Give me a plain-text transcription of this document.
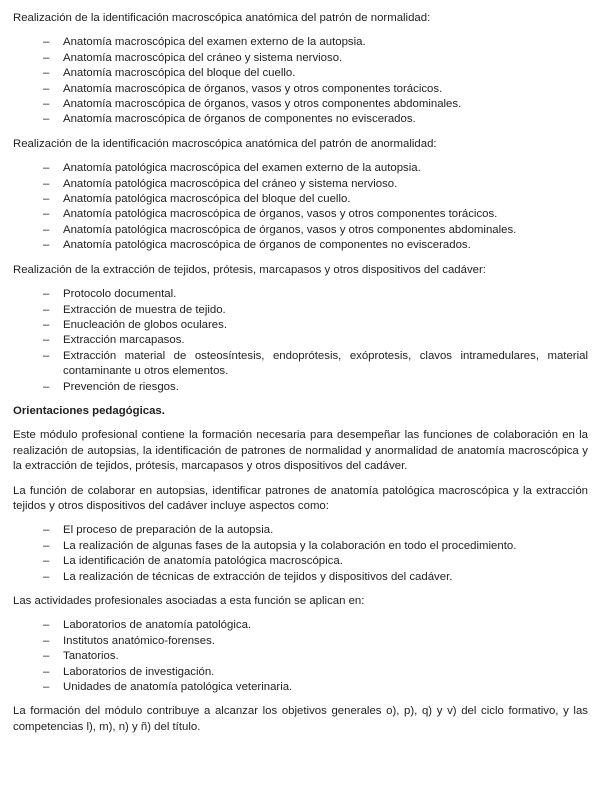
Realización de la identificación macroscópica anatómica del patrón de normalidad:

– Anatomía macroscópica del examen externo de la autopsia.
– Anatomía macroscópica del cráneo y sistema nervioso.
– Anatomía macroscópica del bloque del cuello.
– Anatomía macroscópica de órganos, vasos y otros componentes torácicos.
– Anatomía macroscópica de órganos, vasos y otros componentes abdominales.
– Anatomía macroscópica de órganos de componentes no eviscerados.

Realización de la identificación macroscópica anatómica del patrón de anormalidad:

– Anatomía patológica macroscópica del examen externo de la autopsia.
– Anatomía patológica macroscópica del cráneo y sistema nervioso.
– Anatomía patológica macroscópica del bloque del cuello.
– Anatomía patológica macroscópica de órganos, vasos y otros componentes torácicos.
– Anatomía patológica macroscópica de órganos, vasos y otros componentes abdominales.
– Anatomía patológica macroscópica de órganos de componentes no eviscerados.

Realización de la extracción de tejidos, prótesis, marcapasos y otros dispositivos del cadáver:

– Protocolo documental.
– Extracción de muestra de tejido.
– Enucleación de globos oculares.
– Extracción marcapasos.
– Extracción material de osteosíntesis, endoprótesis, exóprotesis, clavos intramedulares, material contaminante u otros elementos.
– Prevención de riesgos.

Orientaciones pedagógicas.

Este módulo profesional contiene la formación necesaria para desempeñar las funciones de colaboración en la realización de autopsias, la identificación de patrones de normalidad y anormalidad de anatomía macroscópica y la extracción de tejidos, prótesis, marcapasos y otros dispositivos del cadáver.

La función de colaborar en autopsias, identificar patrones de anatomía patológica macroscópica y la extracción tejidos y otros dispositivos del cadáver incluye aspectos como:

– El proceso de preparación de la autopsia.
– La realización de algunas fases de la autopsia y la colaboración en todo el procedimiento.
– La identificación de anatomía patológica macroscópica.
– La realización de técnicas de extracción de tejidos y dispositivos del cadáver.

Las actividades profesionales asociadas a esta función se aplican en:

– Laboratorios de anatomía patológica.
– Institutos anatómico-forenses.
– Tanatorios.
– Laboratorios de investigación.
– Unidades de anatomía patológica veterinaria.

La formación del módulo contribuye a alcanzar los objetivos generales o), p), q) y v) del ciclo formativo, y las competencias l), m), n) y ñ) del título.
